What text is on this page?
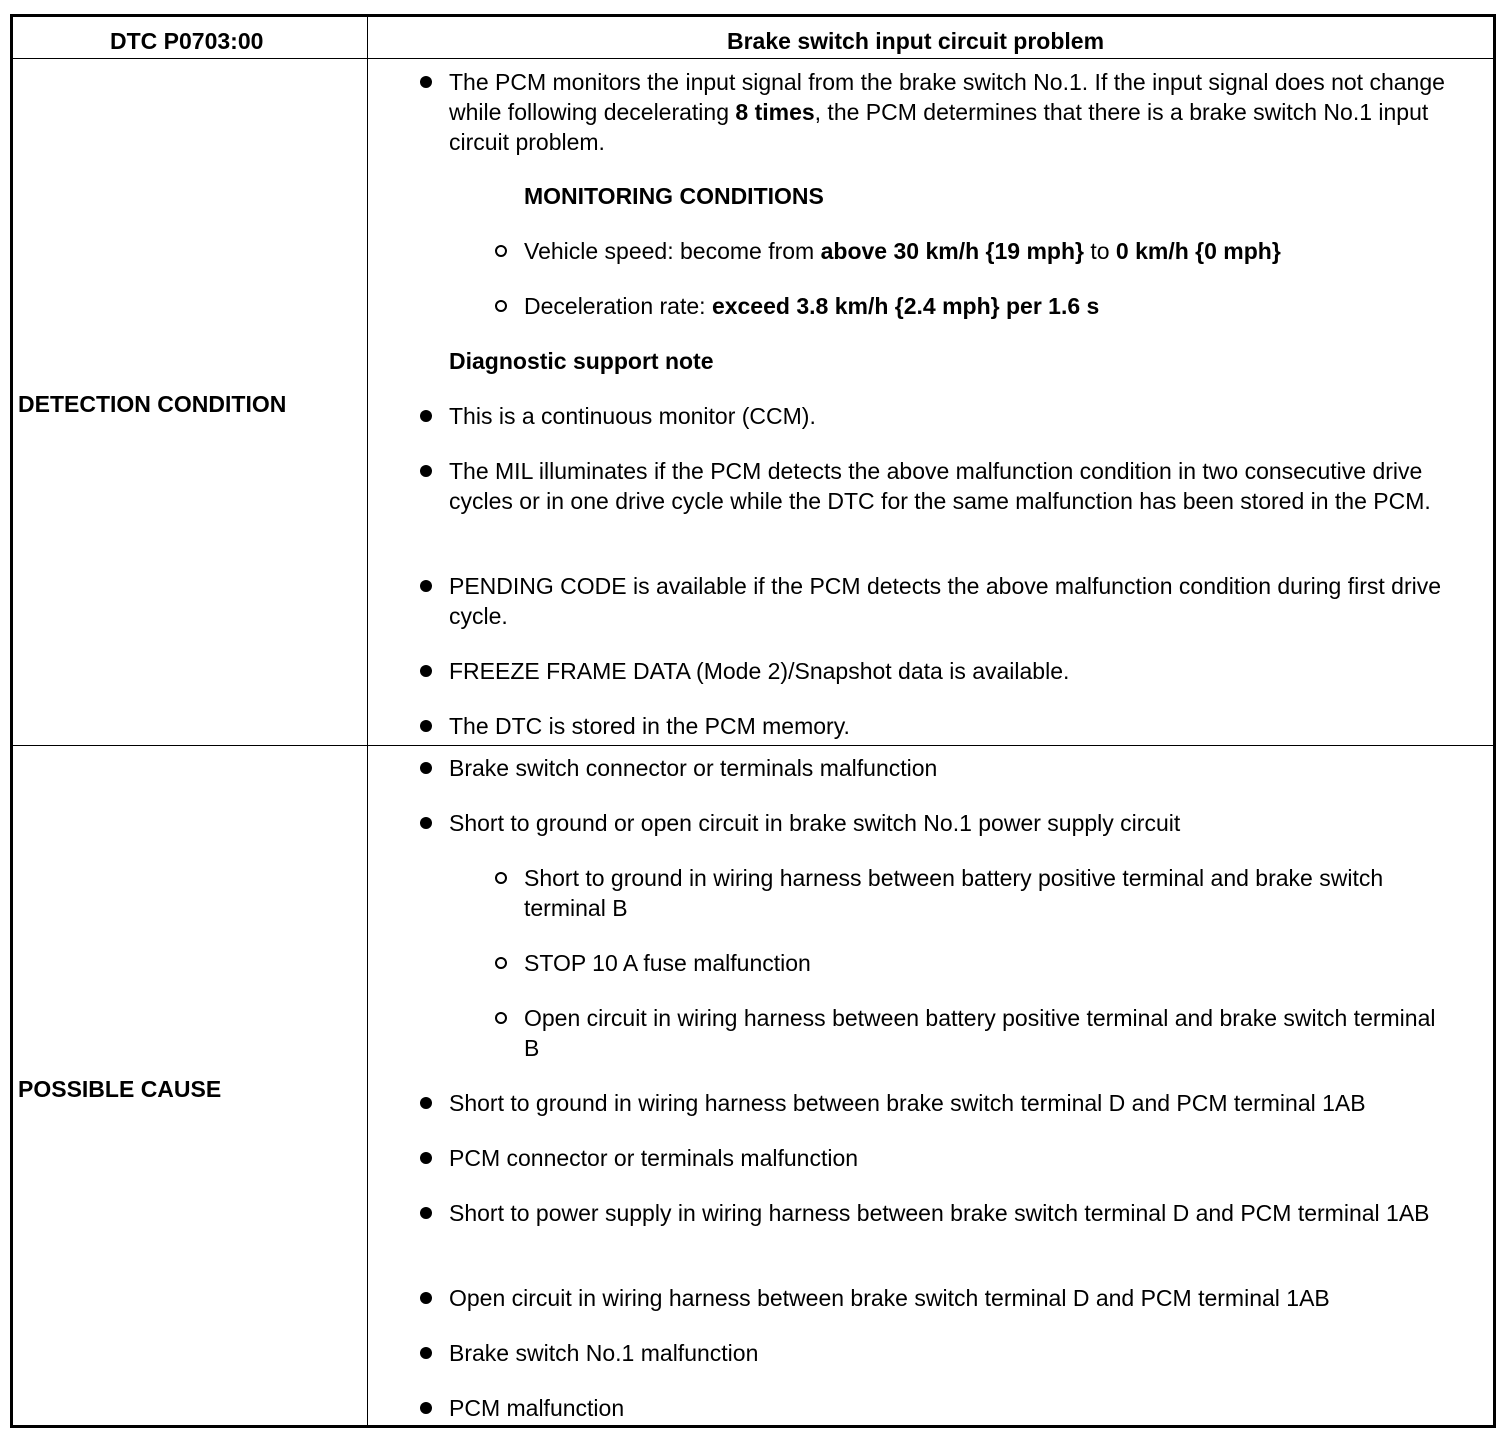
DTC P0703:00	Brake switch input circuit problem
DETECTION CONDITION
POSSIBLE CAUSE
The PCM monitors the input signal from the brake switch No.1. If the input signal does not change while following decelerating 8 times, the PCM determines that there is a brake switch No.1 input circuit problem.
MONITORING CONDITIONS
Vehicle speed: become from above 30 km/h {19 mph} to 0 km/h {0 mph}
Deceleration rate: exceed 3.8 km/h {2.4 mph} per 1.6 s
Diagnostic support note
This is a continuous monitor (CCM).
The MIL illuminates if the PCM detects the above malfunction condition in two consecutive drive cycles or in one drive cycle while the DTC for the same malfunction has been stored in the PCM.
PENDING CODE is available if the PCM detects the above malfunction condition during first drive cycle.
FREEZE FRAME DATA (Mode 2)/Snapshot data is available.
The DTC is stored in the PCM memory.
Brake switch connector or terminals malfunction
Short to ground or open circuit in brake switch No.1 power supply circuit
Short to ground in wiring harness between battery positive terminal and brake switch terminal B
STOP 10 A fuse malfunction
Open circuit in wiring harness between battery positive terminal and brake switch terminal B
Short to ground in wiring harness between brake switch terminal D and PCM terminal 1AB
PCM connector or terminals malfunction
Short to power supply in wiring harness between brake switch terminal D and PCM terminal 1AB
Open circuit in wiring harness between brake switch terminal D and PCM terminal 1AB
Brake switch No.1 malfunction
PCM malfunction
